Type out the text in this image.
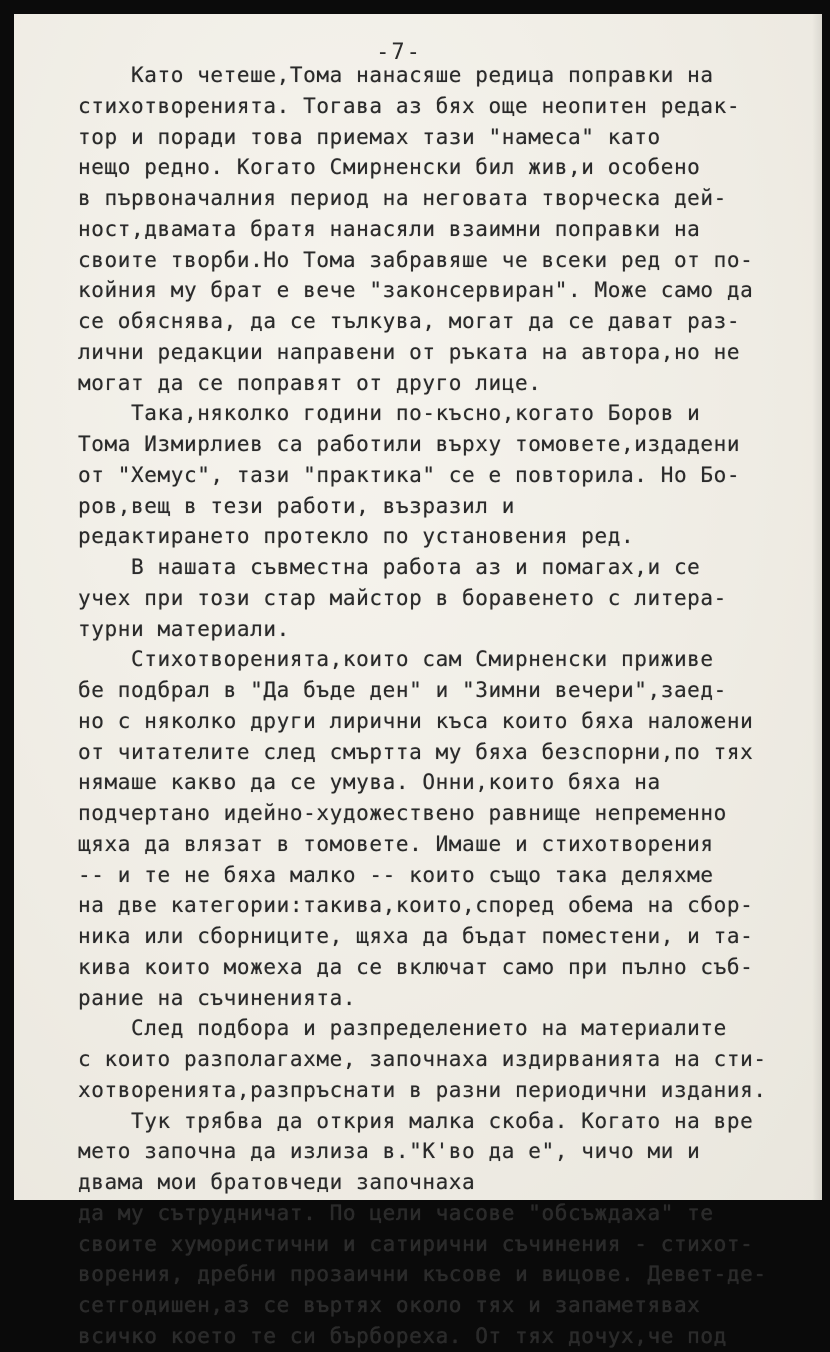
-7-
Като четеше,Тома нанасяше редица поправки на
стихотворенията. Тогава аз бях още неопитен редак-
тор и поради това приемах тази "намеса" като
нещо редно. Когато Смирненски бил жив,и особено
в първоначалния период на неговата творческа дей-
ност,двамата братя нанасяли взаимни поправки на
своите творби.Но Тома забравяше че всеки ред от по-
койния му брат е вече "законсервиран". Може само да
се обяснява, да се тълкува, могат да се дават раз-
лични редакции направени от ръката на автора,но не
могат да се поправят от друго лице.
Така,няколко години по-късно,когато Боров и
Тома Измирлиев са работили върху томовете,издадени
от "Хемус", тази "практика" се е повторила. Но Бо-
ров,вещ в тези работи, възразил и
редактирането протекло по установения ред.
В нашата съвместна работа аз и помагах,и се
учех при този стар майстор в боравенето с литера-
турни материали.
Стихотворенията,които сам Смирненски приживе
бе подбрал в "Да бъде ден" и "Зимни вечери",заед-
но с няколко други лирични къса които бяха наложени
от читателите след смъртта му бяха безспорни,по тях
нямаше какво да се умува. Онни,които бяха на
подчертано идейно-художествено равнище непременно
щяха да влязат в томовете. Имаше и стихотворения
-- и те не бяха малко -- които също така деляхме
на две категории:такива,които,според обема на сбор-
ника или сборниците, щяха да бъдат поместени, и та-
кива които можеха да се включат само при пълно съб-
рание на съчиненията.
След подбора и разпределението на материалите
с които разполагахме, започнаха издирванията на сти-
хотворенията,разпръснати в разни периодични издания.
Тук трябва да открия малка скоба. Когато на вре
мето започна да излиза в."К'во да е", чичо ми и
двама мои братовчеди започнаха
да му сътрудничат. По цели часове "обсъждаха" те
своите хумористични и сатирични съчинения - стихот-
ворения, дребни прозаични късове и вицове. Девет-де-
сетгодишен,аз се въртях около тях и запаметявах
всичко което те си бърбореха. От тях дочух,че под
